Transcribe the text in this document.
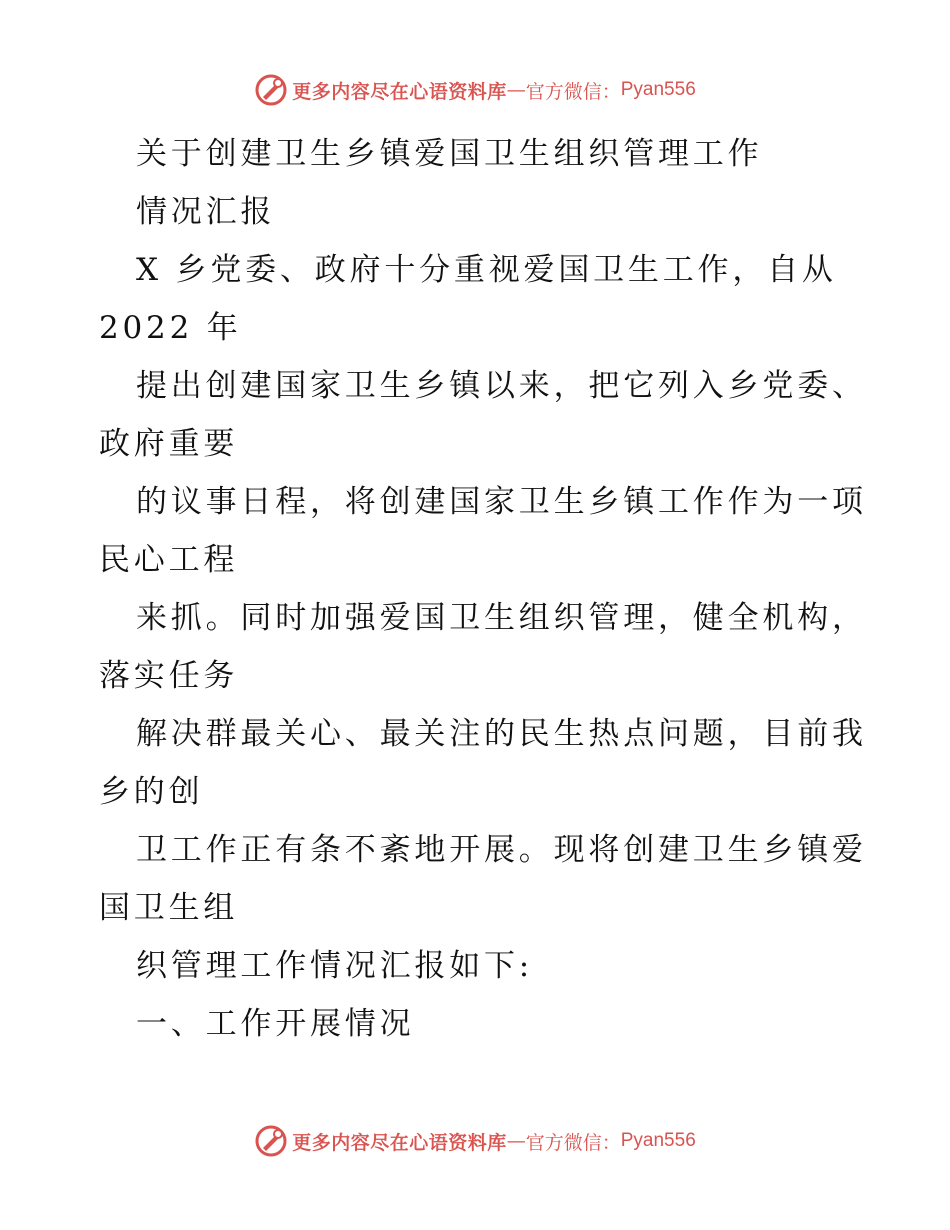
更多内容尽在心语资料库 — 官方微信： Pyan556
关于创建卫生乡镇爱国卫生组织管理工作
情况汇报
X 乡党委、政府十分重视爱国卫生工作，自从
2022 年
提出创建国家卫生乡镇以来，把它列入乡党委、
政府重要
的议事日程，将创建国家卫生乡镇工作作为一项
民心工程
来抓。同时加强爱国卫生组织管理，健全机构，
落实任务
解决群最关心、最关注的民生热点问题，目前我
乡的创
卫工作正有条不紊地开展。现将创建卫生乡镇爱
国卫生组
织管理工作情况汇报如下:
一、工作开展情况
更多内容尽在心语资料库 — 官方微信： Pyan556
